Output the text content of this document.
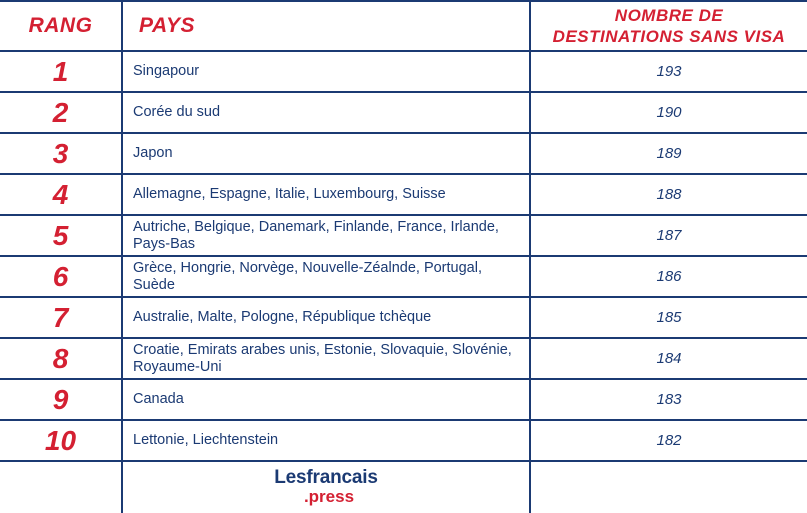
RANG	PAYS	NOMBRE DE
DESTINATIONS SANS VISA

1	Singapour	193
2	Corée du sud	190
3	Japon	189
4	Allemagne, Espagne, Italie, Luxembourg, Suisse	188
5	Autriche, Belgique, Danemark, Finlande, France, Irlande, Pays-Bas	187
6	Grèce, Hongrie, Norvège, Nouvelle-Zéalnde, Portugal, Suède	186
7	Australie, Malte, Pologne, République tchèque	185
8	Croatie, Emirats arabes unis, Estonie, Slovaquie, Slovénie, Royaume-Uni	184
9	Canada	183
10	Lettonie, Liechtenstein	182
	Lesfrancais
.press	
